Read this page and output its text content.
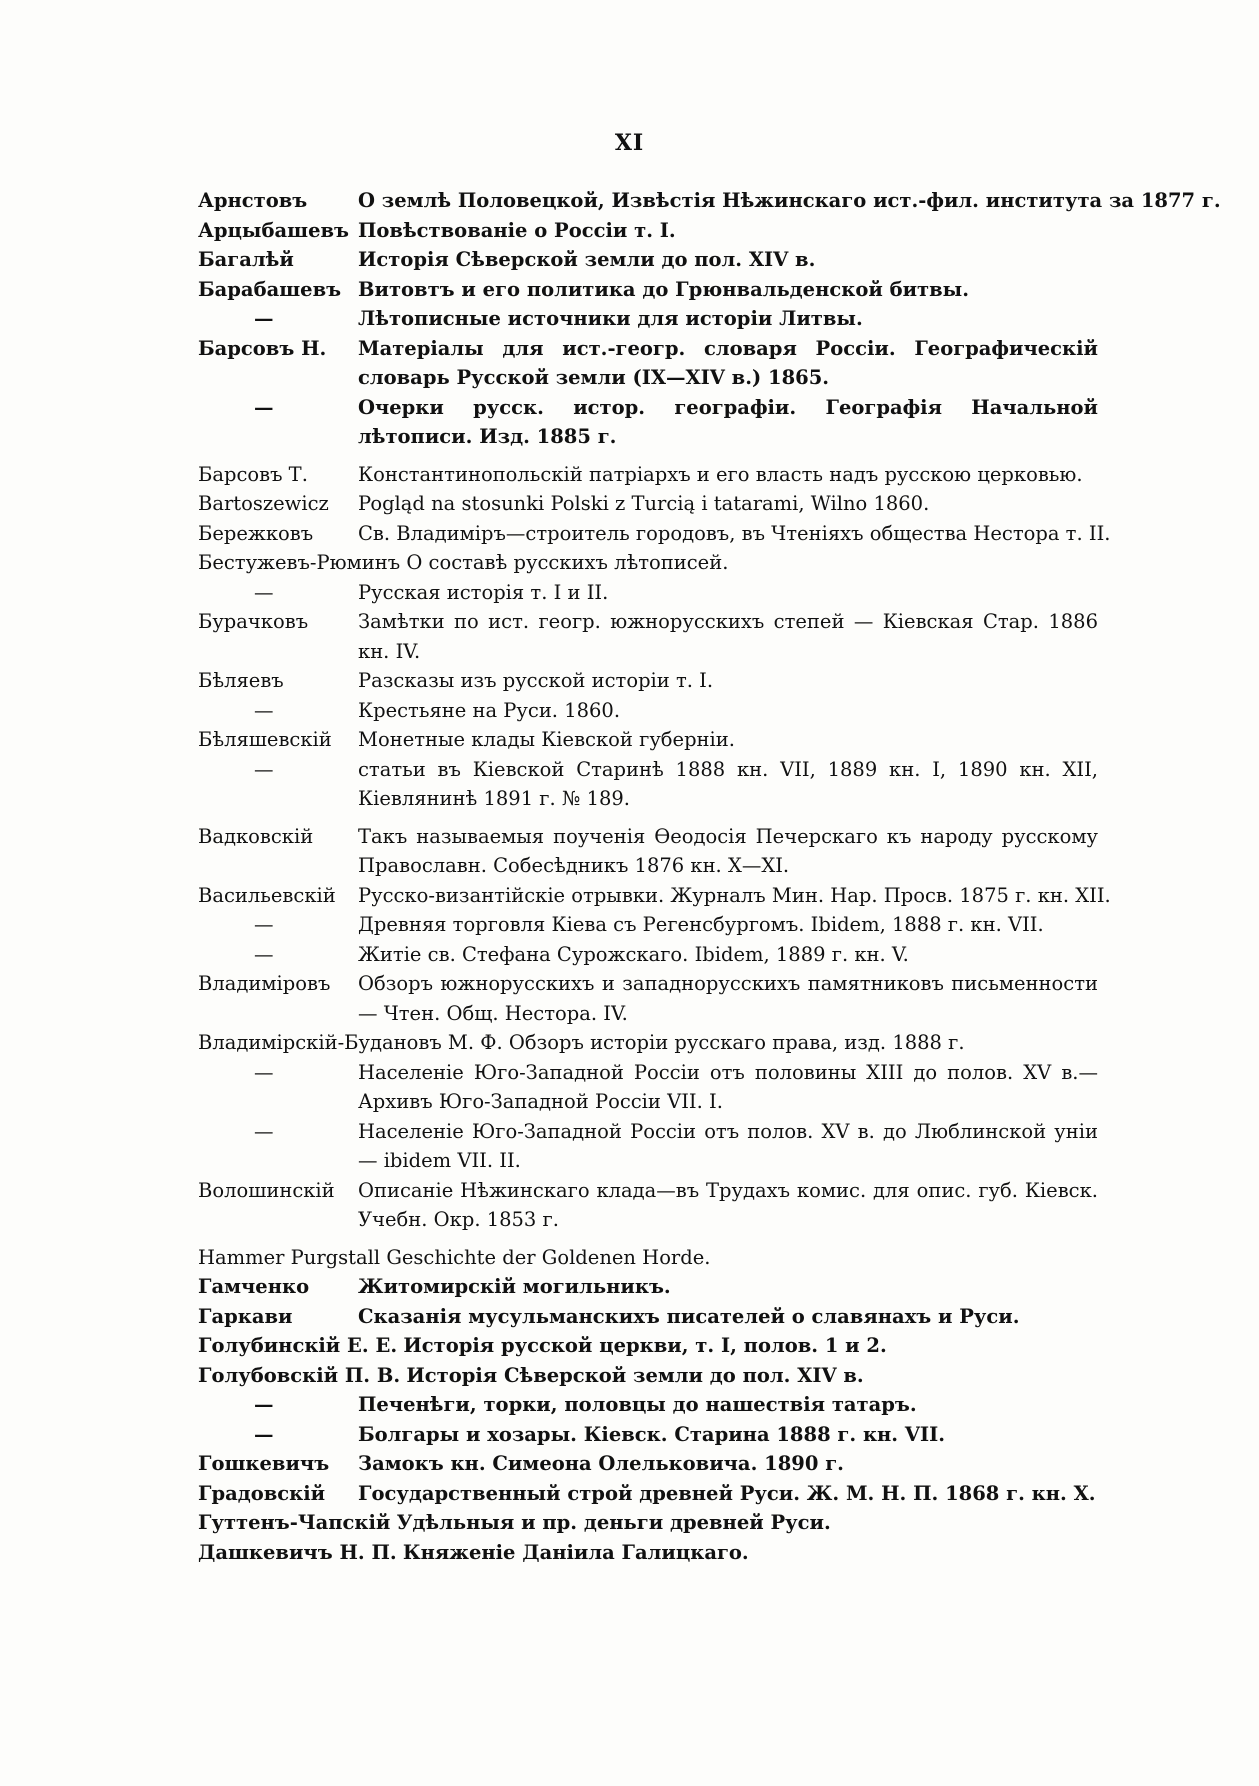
XI
Арнстовъ	О землѣ Половецкой, Извѣстія Нѣжинскаго ист.-фил. института за 1877 г.
Арцыбашевъ Повѣствованіе о Россіи т. I.
Багалѣй	Исторія Сѣверской земли до пол. XIV в.
Барабашевъ Витовтъ и его политика до Грюнвальденской битвы.
—	Лѣтописные источники для исторіи Литвы.
Барсовъ Н. Матеріалы для ист.-геогр. словаря Россіи. Географическій словарь Русской земли (IX—XIV в.) 1865.
—	Очерки русск. истор. географіи. Географія Начальной лѣтописи. Изд. 1885 г.
Барсовъ Т.	Константинопольскій патріархъ и его власть надъ русскою церковью.
Bartoszewicz Pogląd na stosunki Polski z Turcią i tatarami, Wilno 1860.
Бережковъ Св. Владиміръ—строитель городовъ, въ Чтеніяхъ общества Нестора т. II.
Бестужевъ-Рюминъ О составѣ русскихъ лѣтописей.
—	Русская исторія т. I и II.
Бурачковъ	Замѣтки по ист. геогр. южнорусскихъ степей — Кіевская Стар. 1886 кн. IV.
Бѣляевъ	Разсказы изъ русской исторіи т. I.
—	Крестьяне на Руси. 1860.
Бѣляшевскій Монетные клады Кіевской губерніи.
—	статьи въ Кіевской Старинѣ 1888 кн. VII, 1889 кн. I, 1890 кн. XII, Кіевлянинѣ 1891 г. № 189.
Вадковскій Такъ называемыя поученія Ѳеодосія Печерскаго къ народу русскому Православн. Собесѣдникъ 1876 кн. X—XI.
Васильевскій Русско-византійскіе отрывки. Журналъ Мин. Нар. Просв. 1875 г. кн. XII.
—	Древняя торговля Кіева съ Регенсбургомъ. Ibidem, 1888 г. кн. VII.
—	Житіе св. Стефана Сурожскаго. Ibidem, 1889 г. кн. V.
Владиміровъ Обзоръ южнорусскихъ и западнорусскихъ памятниковъ письменности— Чтен. Общ. Нестора. IV.
Владимірскій-Будановъ М. Ф. Обзоръ исторіи русскаго права, изд. 1888 г.
—	Населеніе Юго-Западной Россіи отъ половины XIII до полов. XV в.— Архивъ Юго-Западной Россіи VII. I.
—	Населеніе Юго-Западной Россіи отъ полов. XV в. до Люблинской уніи— ibidem VII. II.
Волошинскій Описаніе Нѣжинскаго клада—въ Трудахъ комис. для опис. губ. Кіевск. Учебн. Окр. 1853 г.
Hammer Purgstall Geschichte der Goldenen Horde.
Гамченко	Житомирскій могильникъ.
Гаркави	Сказанія мусульманскихъ писателей о славянахъ и Руси.
Голубинскій Е. Е. Исторія русской церкви, т. I, полов. 1 и 2.
Голубовскій П. В. Исторія Сѣверской земли до пол. XIV в.
—	Печенѣги, торки, половцы до нашествія татаръ.
—	Болгары и хозары. Кіевск. Старина 1888 г. кн. VII.
Гошкевичъ Замокъ кн. Симеона Олельковича. 1890 г.
Градовскій Государственный строй древней Руси. Ж. М. Н. П. 1868 г. кн. X.
Гуттенъ-Чапскій Удѣльныя и пр. деньги древней Руси.
Дашкевичъ Н. П. Княженіе Даніила Галицкаго.
